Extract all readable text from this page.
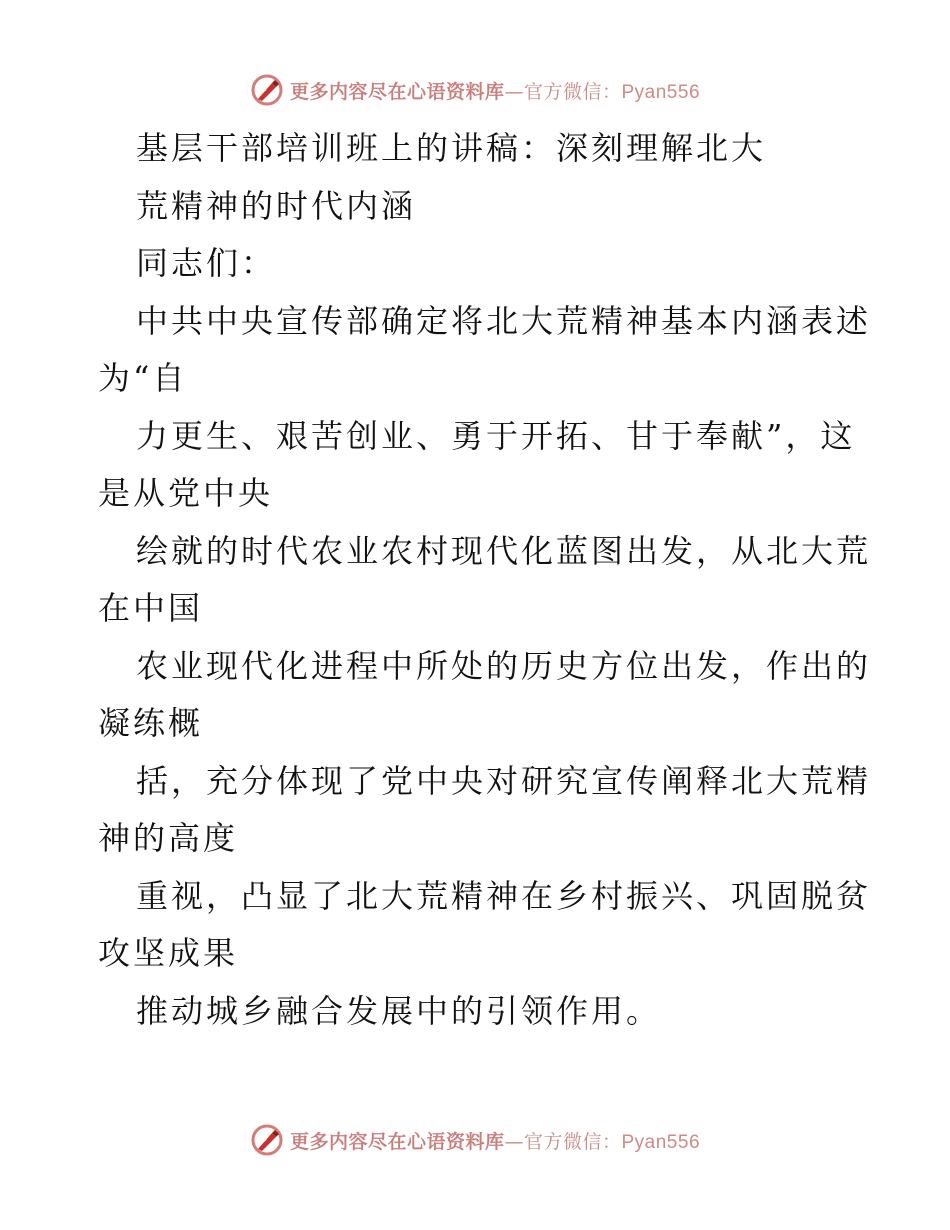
更多内容尽在心语资料库—官方微信：Pyan556
基层干部培训班上的讲稿：深刻理解北大
荒精神的时代内涵
同志们：
中共中央宣传部确定将北大荒精神基本内涵表述
为“自
力更生、艰苦创业、勇于开拓、甘于奉献”，这
是从党中央
绘就的时代农业农村现代化蓝图出发，从北大荒
在中国
农业现代化进程中所处的历史方位出发，作出的
凝练概
括，充分体现了党中央对研究宣传阐释北大荒精
神的高度
重视，凸显了北大荒精神在乡村振兴、巩固脱贫
攻坚成果
推动城乡融合发展中的引领作用。
更多内容尽在心语资料库—官方微信：Pyan556
